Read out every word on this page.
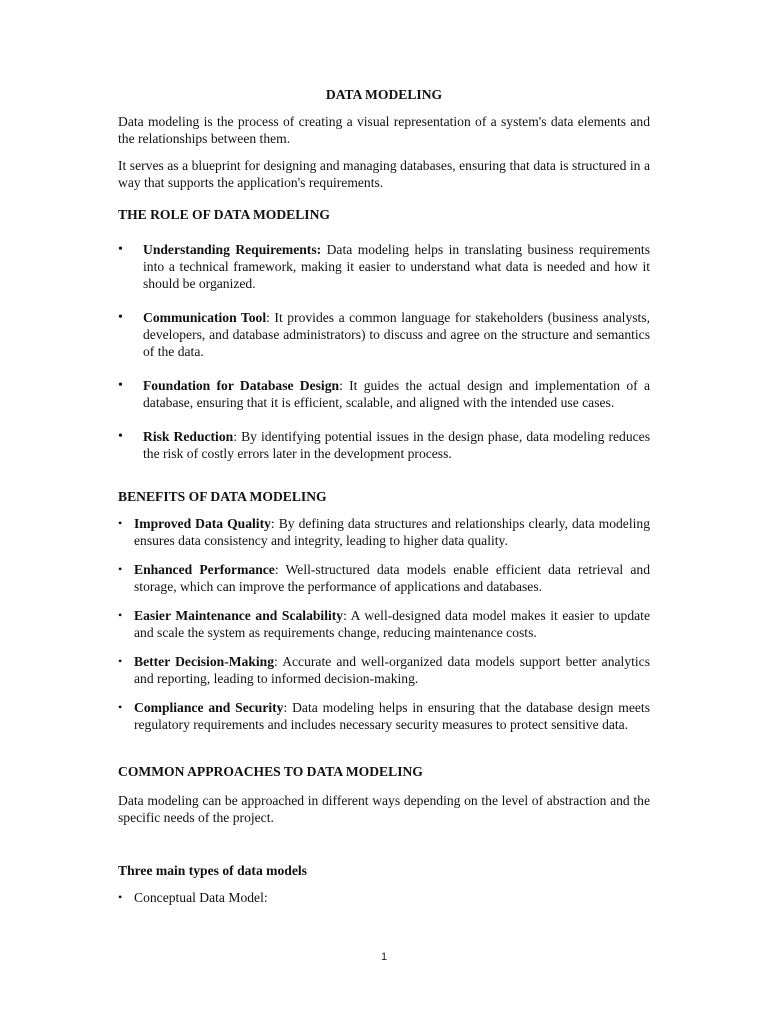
DATA MODELING

Data modeling is the process of creating a visual representation of a system's data elements and the relationships between them.

It serves as a blueprint for designing and managing databases, ensuring that data is structured in a way that supports the application's requirements.

THE ROLE OF DATA MODELING
• Understanding Requirements: Data modeling helps in translating business requirements into a technical framework, making it easier to understand what data is needed and how it should be organized.
• Communication Tool: It provides a common language for stakeholders (business analysts, developers, and database administrators) to discuss and agree on the structure and semantics of the data.
• Foundation for Database Design: It guides the actual design and implementation of a database, ensuring that it is efficient, scalable, and aligned with the intended use cases.
• Risk Reduction: By identifying potential issues in the design phase, data modeling reduces the risk of costly errors later in the development process.
BENEFITS OF DATA MODELING
• Improved Data Quality: By defining data structures and relationships clearly, data modeling ensures data consistency and integrity, leading to higher data quality.
• Enhanced Performance: Well-structured data models enable efficient data retrieval and storage, which can improve the performance of applications and databases.
• Easier Maintenance and Scalability: A well-designed data model makes it easier to update and scale the system as requirements change, reducing maintenance costs.
• Better Decision-Making: Accurate and well-organized data models support better analytics and reporting, leading to informed decision-making.
• Compliance and Security: Data modeling helps in ensuring that the database design meets regulatory requirements and includes necessary security measures to protect sensitive data.
COMMON APPROACHES TO DATA MODELING

Data modeling can be approached in different ways depending on the level of abstraction and the specific needs of the project.

Three main types of data models
• Conceptual Data Model:
1
